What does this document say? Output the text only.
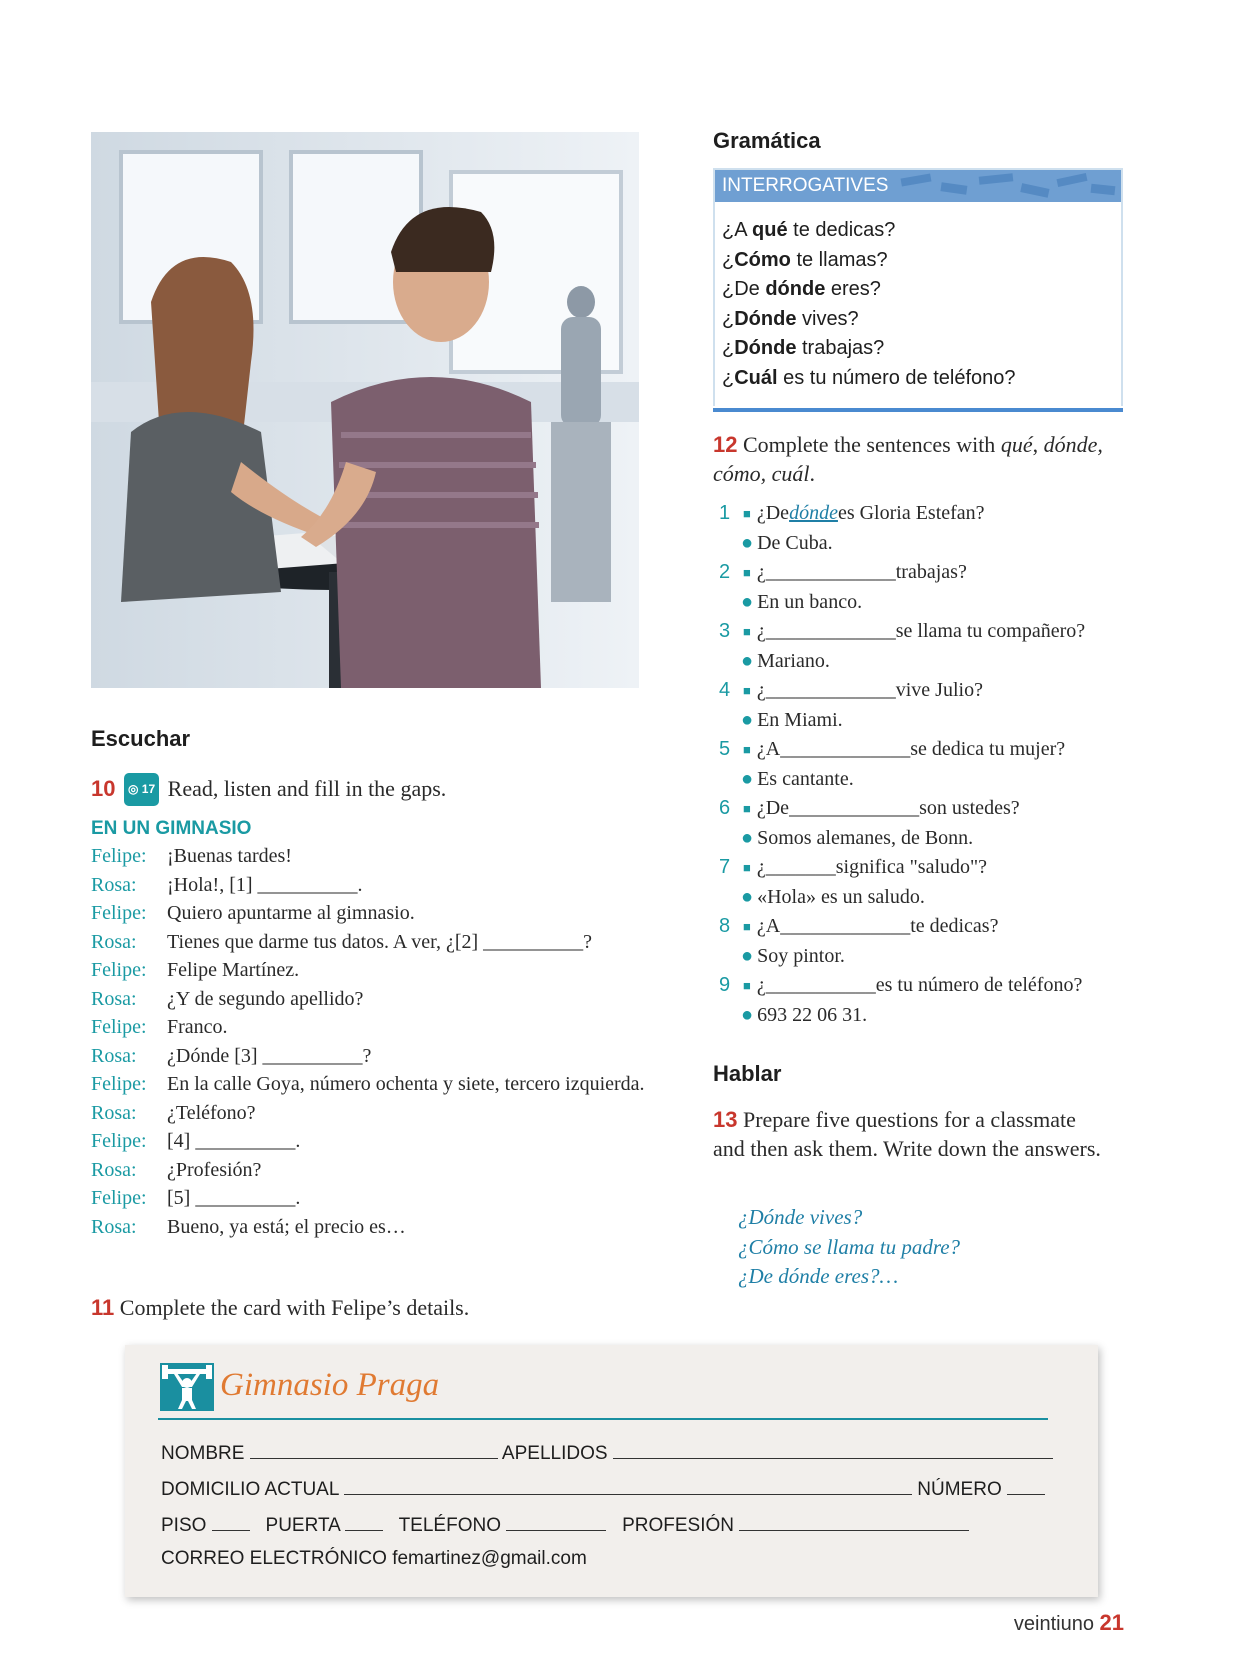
Escuchar
10 ◎ 17 Read, listen and fill in the gaps.
EN UN GIMNASIO
Felipe:	¡Buenas tardes!
Rosa:	¡Hola!, [1] __________.
Felipe:	Quiero apuntarme al gimnasio.
Rosa:	Tienes que darme tus datos. A ver, ¿[2] __________?
Felipe:	Felipe Martínez.
Rosa:	¿Y de segundo apellido?
Felipe:	Franco.
Rosa:	¿Dónde [3] __________?
Felipe:	En la calle Goya, número ochenta y siete, tercero izquierda.
Rosa:	¿Teléfono?
Felipe:	[4] __________.
Rosa:	¿Profesión?
Felipe:	[5] __________.
Rosa:	Bueno, ya está; el precio es…
11 Complete the card with Felipe’s details.
Gramática
INTERROGATIVES
¿A qué te dedicas?
¿Cómo te llamas?
¿De dónde eres?
¿Dónde vives?
¿Dónde trabajas?
¿Cuál es tu número de teléfono?
12 Complete the sentences with qué, dónde, cómo, cuál.
1 ■ ¿De dónde es Gloria Estefan?
● De Cuba.
2 ■ ¿ _____________ trabajas?
● En un banco.
3 ■ ¿ _____________ se llama tu compañero?
● Mariano.
4 ■ ¿ _____________ vive Julio?
● En Miami.
5 ■ ¿A _____________ se dedica tu mujer?
● Es cantante.
6 ■ ¿De _____________ son ustedes?
● Somos alemanes, de Bonn.
7 ■ ¿ _______ significa "saludo"?
● «Hola» es un saludo.
8 ■ ¿A _____________ te dedicas?
● Soy pintor.
9 ■ ¿ ___________ es tu número de teléfono?
● 693 22 06 31.
Hablar
13 Prepare five questions for a classmate and then ask them. Write down the answers.
¿Dónde vives?
¿Cómo se llama tu padre?
¿De dónde eres?…
Gimnasio Praga
NOMBRE	APELLIDOS
DOMICILIO ACTUAL	NÚMERO
PISO	PUERTA	TELÉFONO	PROFESIÓN
CORREO ELECTRÓNICO femartinez@gmail.com
veintiuno 21
